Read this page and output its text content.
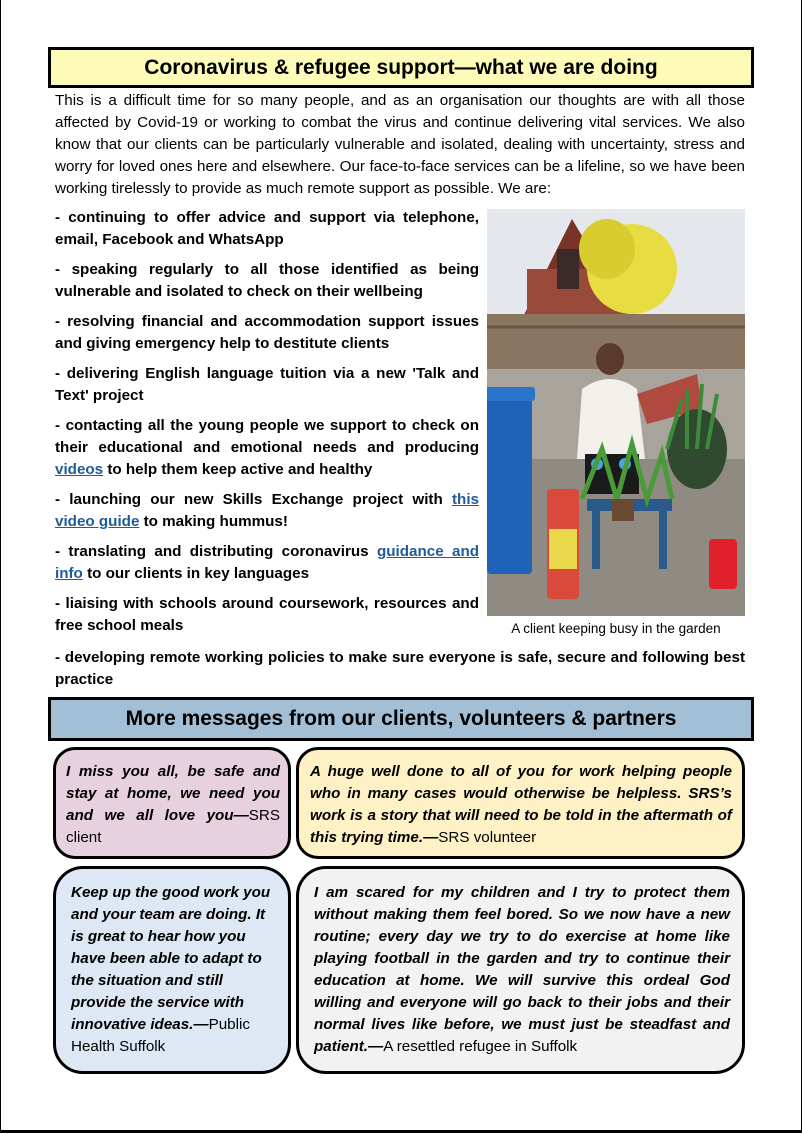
Coronavirus & refugee support—what we are doing
This is a difficult time for so many people, and as an organisation our thoughts are with all those affected by Covid-19 or working to combat the virus and continue delivering vital services. We also know that our clients can be particularly vulnerable and isolated, dealing with uncertainty, stress and worry for loved ones here and elsewhere. Our face-to-face services can be a lifeline, so we have been working tirelessly to provide as much remote support as possible. We are:
- continuing to offer advice and support via telephone, email, Facebook and WhatsApp
- speaking regularly to all those identified as being vulnerable and isolated to check on their wellbeing
- resolving financial and accommodation support issues and giving emergency help to destitute clients
- delivering English language tuition via a new 'Talk and Text' project
- contacting all the young people we support to check on their educational and emotional needs and producing videos to help them keep active and healthy
- launching our new Skills Exchange project with this video guide to making hummus!
- translating and distributing coronavirus guidance and info to our clients in key languages
- liaising with schools around coursework, resources and free school meals
- developing remote working policies to make sure everyone is safe, secure and following best practice
A client keeping busy in the garden
More messages from our clients, volunteers & partners
I miss you all, be safe and stay at home, we need you and we all love you—SRS client
A huge well done to all of you for work helping people who in many cases would otherwise be helpless. SRS’s work is a story that will need to be told in the aftermath of this trying time.—SRS volunteer
Keep up the good work you and your team are doing. It is great to hear how you have been able to adapt to the situation and still provide the service with innovative ideas.—Public Health Suffolk
I am scared for my children and I try to protect them without making them feel bored. So we now have a new routine; every day we try to do exercise at home like playing football in the garden and try to continue their education at home. We will survive this ordeal God willing and everyone will go back to their jobs and their normal lives like before, we must just be steadfast and patient.—A resettled refugee in Suffolk
